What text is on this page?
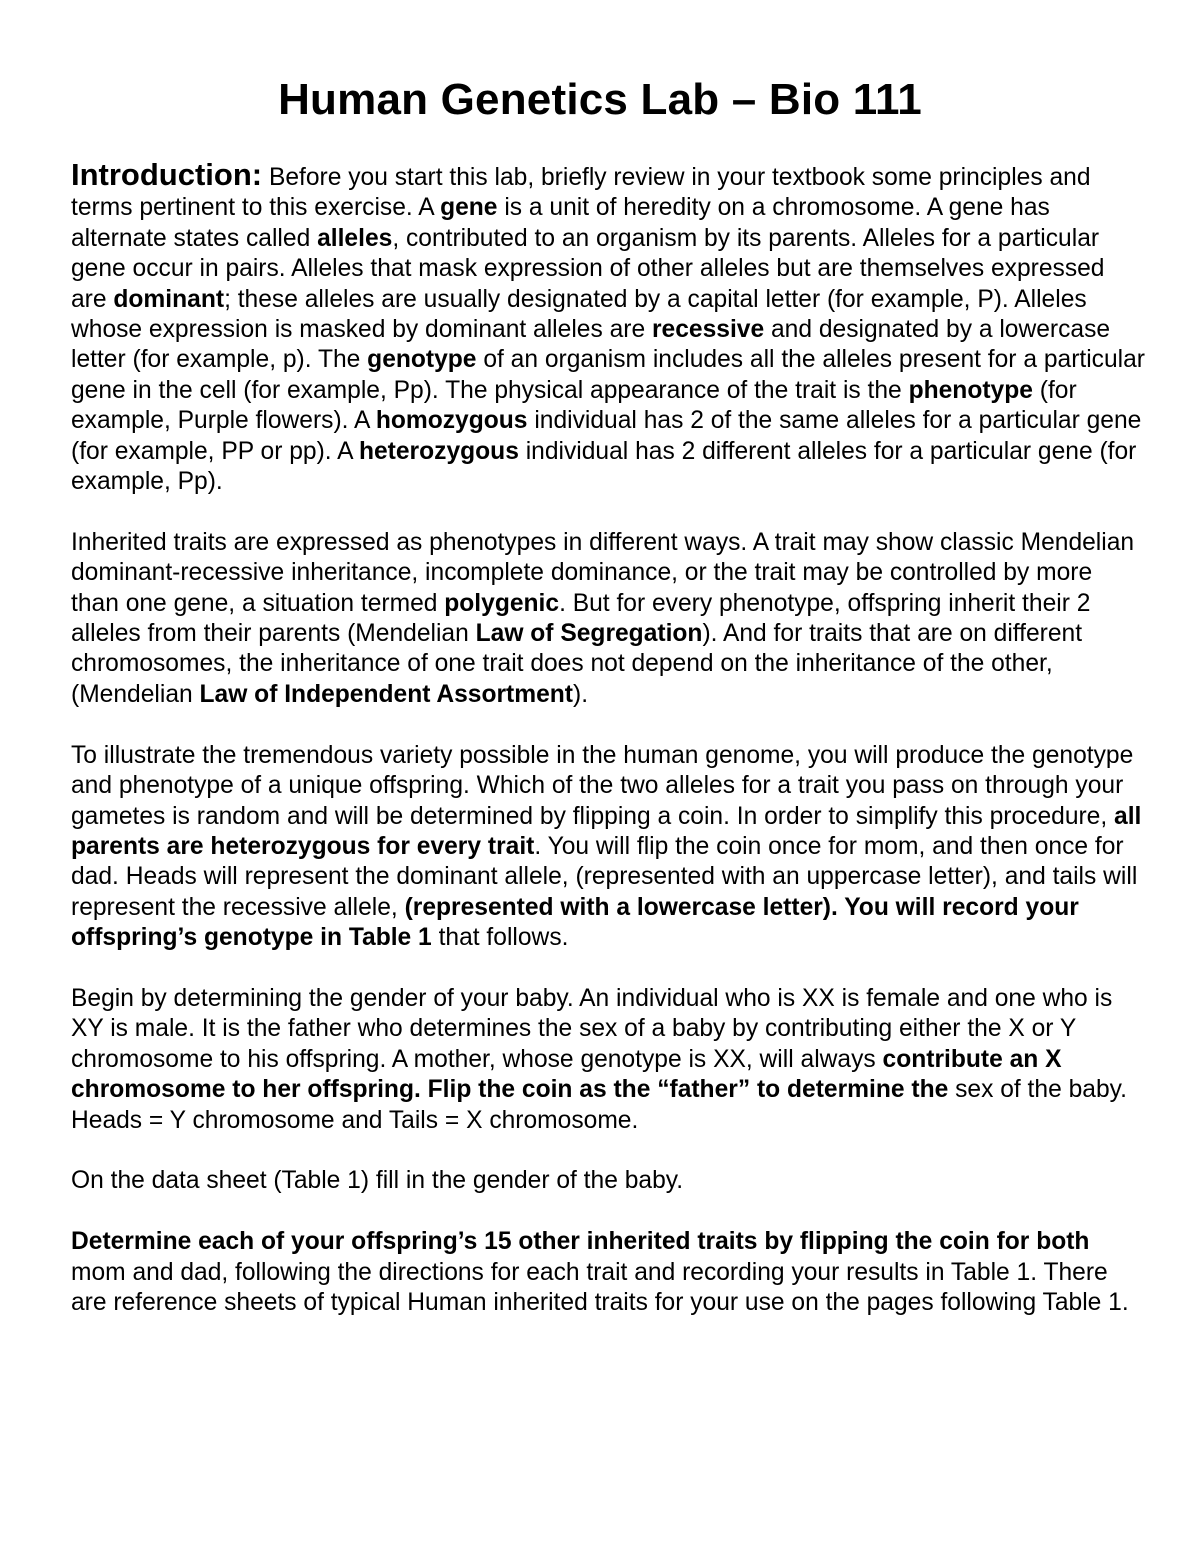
Human Genetics Lab – Bio 111

Introduction: Before you start this lab, briefly review in your textbook some principles and terms pertinent to this exercise. A gene is a unit of heredity on a chromosome. A gene has alternate states called alleles, contributed to an organism by its parents. Alleles for a particular gene occur in pairs. Alleles that mask expression of other alleles but are themselves expressed are dominant; these alleles are usually designated by a capital letter (for example, P). Alleles whose expression is masked by dominant alleles are recessive and designated by a lowercase letter (for example, p). The genotype of an organism includes all the alleles present for a particular gene in the cell (for example, Pp). The physical appearance of the trait is the phenotype (for example, Purple flowers). A homozygous individual has 2 of the same alleles for a particular gene (for example, PP or pp). A heterozygous individual has 2 different alleles for a particular gene (for example, Pp).

Inherited traits are expressed as phenotypes in different ways. A trait may show classic Mendelian dominant-recessive inheritance, incomplete dominance, or the trait may be controlled by more than one gene, a situation termed polygenic. But for every phenotype, offspring inherit their 2 alleles from their parents (Mendelian Law of Segregation). And for traits that are on different chromosomes, the inheritance of one trait does not depend on the inheritance of the other, (Mendelian Law of Independent Assortment).

To illustrate the tremendous variety possible in the human genome, you will produce the genotype and phenotype of a unique offspring. Which of the two alleles for a trait you pass on through your gametes is random and will be determined by flipping a coin. In order to simplify this procedure, all parents are heterozygous for every trait. You will flip the coin once for mom, and then once for dad. Heads will represent the dominant allele, (represented with an uppercase letter), and tails will represent the recessive allele, (represented with a lowercase letter). You will record your offspring’s genotype in Table 1 that follows.

Begin by determining the gender of your baby. An individual who is XX is female and one who is XY is male. It is the father who determines the sex of a baby by contributing either the X or Y chromosome to his offspring. A mother, whose genotype is XX, will always contribute an X chromosome to her offspring. Flip the coin as the “father” to determine the sex of the baby. Heads = Y chromosome and Tails = X chromosome.

On the data sheet (Table 1) fill in the gender of the baby.

Determine each of your offspring’s 15 other inherited traits by flipping the coin for both mom and dad, following the directions for each trait and recording your results in Table 1. There are reference sheets of typical Human inherited traits for your use on the pages following Table 1.
